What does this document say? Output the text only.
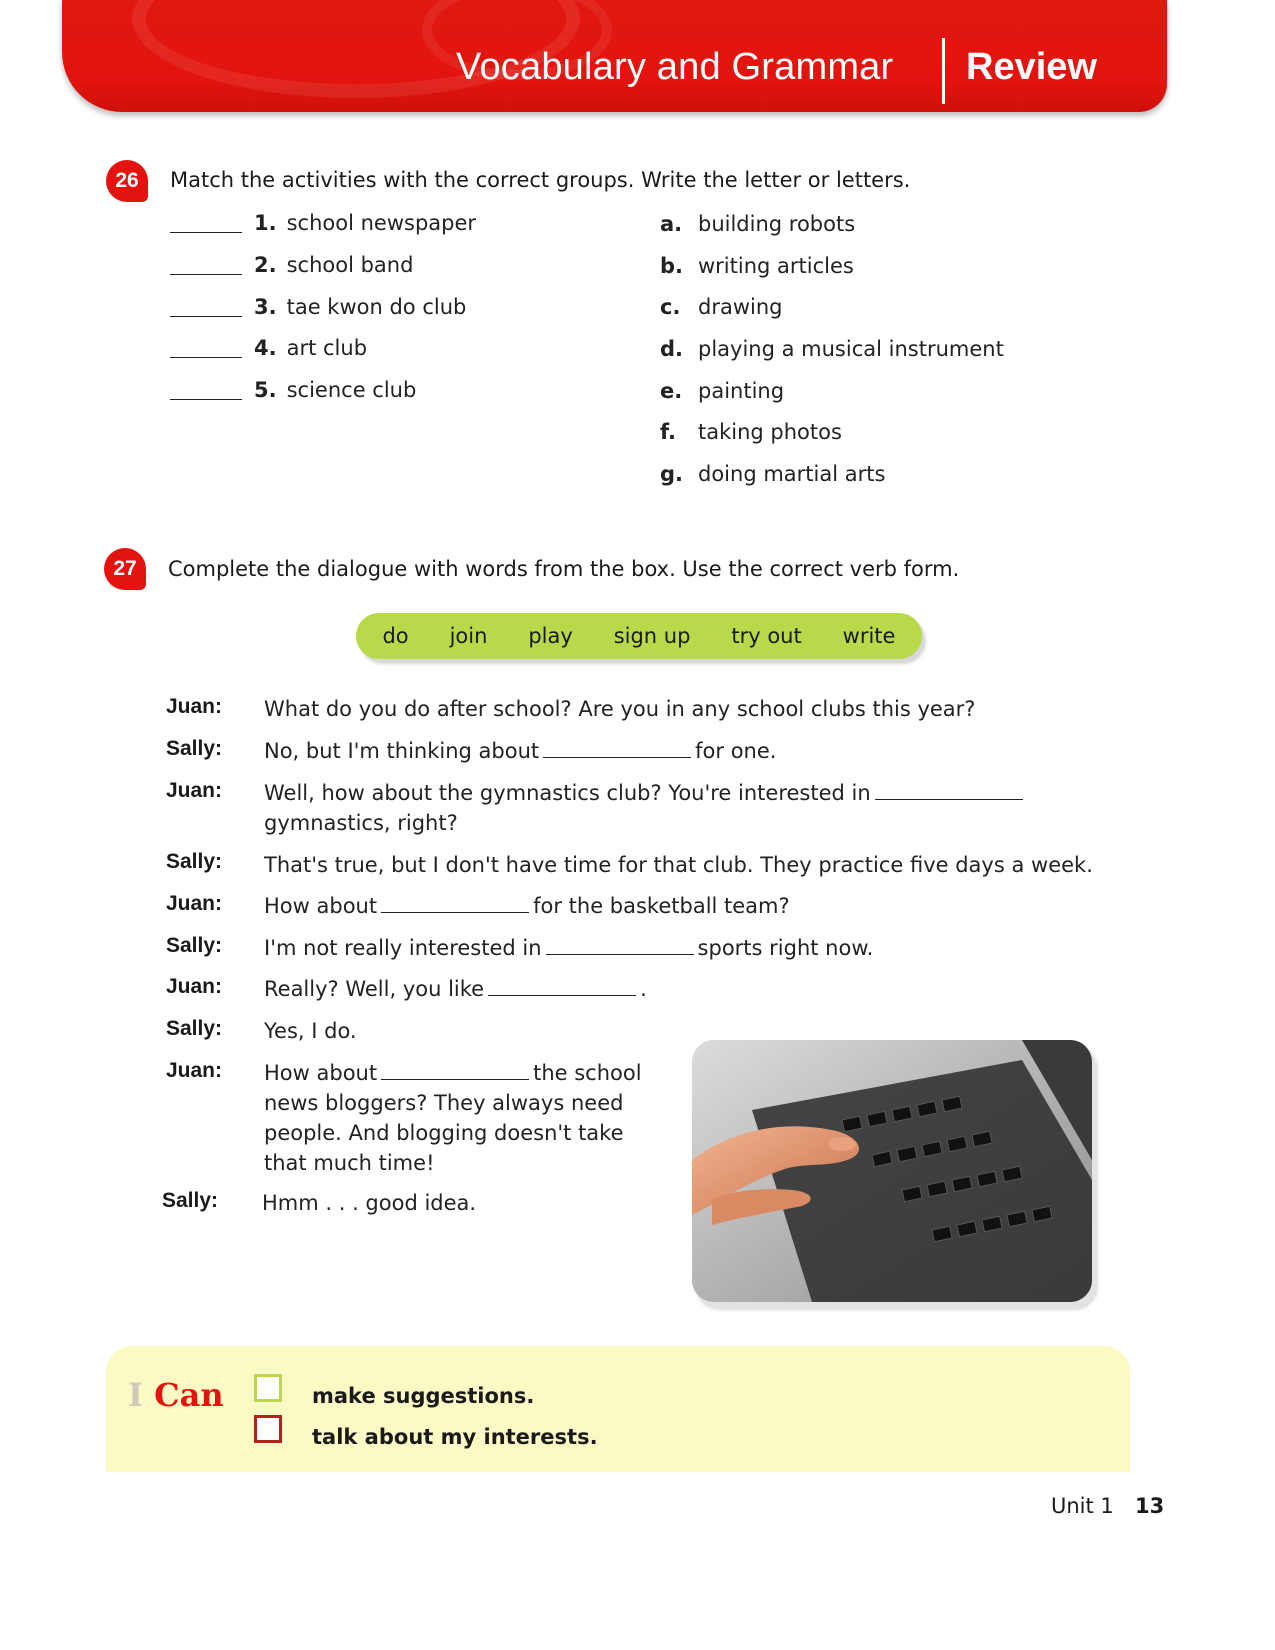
Vocabulary and Grammar Review
26	Match the activities with the correct groups. Write the letter or letters.
1. school newspaper
2. school band
3. tae kwon do club
4. art club
5. science club
a. building robots
b. writing articles
c. drawing
d. playing a musical instrument
e. painting
f.	taking photos
g. doing martial arts
27	Complete the dialogue with words from the box. Use the correct verb form.
do join play sign up try out write
Juan: What do you do after school? Are you in any school clubs this year?
Sally: No, but I'm thinking about	for one.
Juan: Well, how about the gymnastics club? You're interested in
gymnastics, right?
Sally: That's true, but I don't have time for that club. They practice five days a week.
Juan: How about	for the basketball team?
Sally: I'm not really interested in	sports right now.
Juan: Really? Well, you like	.
Sally: Yes, I do.
Juan: How about	the school news bloggers? They always need people. And blogging doesn't take that much time!
Sally: Hmm . . . good idea.
I Can	make suggestions.
talk about my interests.
Unit 1 13
